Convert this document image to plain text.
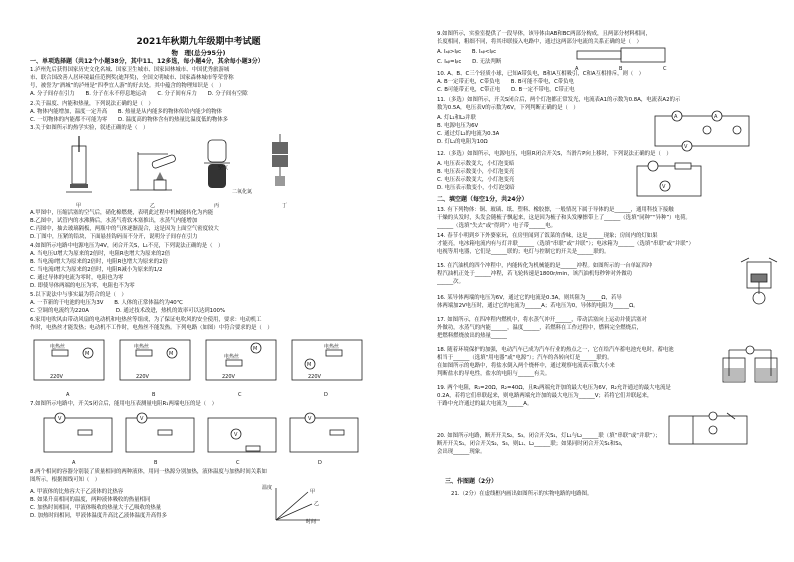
2021年秋期九年级期中考试题
物　理(总分95分)
一、单项选择题（共12个小题38分，其中11、12多选，每小题4分，其余每小题3分）
1.泸州先后获得国家历史文化名城、国家卫生城市、国家园林城市、中国优秀旅游城
市、联合国改善人居环境最佳范例奖(迪拜奖)，全国文明城市、国家森林城市等荣誉称
号，被誉为“酒城”的泸州是“四季宜人游”的好去处。其中蕴含的物理知识是（　）
A. 分子间存在引力　　B. 分子在永不停息地运动　　C. 分子间有斥力　　D. 分子间有空隙
2.关于温度、内能和热量，下列说法正确的是（　）
A. 物体内能增加，温度一定升高　　B. 热量是从内能多的物体传给内能少的物体
C. 一切物体的内能都不可能为零　　D. 温度高的物体含有的热量比温度低的物体多
3.关于如图所示的热学实验，叙述正确的是（　）
空气
二氧化氮
甲	乙	丙	丁
A.甲图中，压缩活塞的空气后，硝化棉燃烧，表明此过程中机械能转化为内能
B.乙图中，试管内的水沸腾后，水蒸气将软木塞推出，水蒸气内能增加
C.丙图中，抽去玻璃隔板，两瓶中的气体逐渐混合，这是因为上面空气密度较大
D.丁图中，压紧的铅块，下面悬挂钩码而不分开，说明分子间存在引力
4.如图所示电路中电源电压为4V，闭合开关S，L₁不亮，下列说法正确的是（　）
A. 当电压U增大为原来的2倍时，电阻R也增大为原来的2倍
B. 当电流I增大为原来的2倍时，电阻R也增大为原来的2倍
C. 当电流I增大为原来的2倍时，电阻R减小为原来的1/2
C. 通过导体的电流为零时，电阻也为零
D. 即使导体两端的电压为零，电阻也不为零
5.以下说法中与事实最为符合的是（　）
A. 一节新的干电池的电压为3V　　B. 人体的正常体温约为40℃
C. 空调的电流约为220A　　　　　D. 通过技术改进，热机的效率可以达到100%
6.家用电吹风由带动风扇的电动机和电热丝等组成，为了保证电吹风的安全使用，要求：电动机工
作时，电热丝才能发热；电动机不工作时，电热丝不能发热。下列电路（如图）中符合要求的是（　）
M	M
M
M
电热丝	电热丝
电热丝
电热丝
220V	220V	220V	220V
A	B	C	D
7.如图所示电路中，开关S闭合后，能用电压表测量电阻R₁两端电压的是（　）
V	V
V
V
A	B	C	D
8.两个相同的容器分别装了质量相同的两种液体，用同一热源分别加热，液体温度与加热时间关系如
图所示，根据图线可知（　）
A. 甲液体的比热容大于乙液体的比热容
B. 如果升高相同的温度，两种液体吸收的热量相同
C. 加热时间相同，甲液体吸收的热量大于乙吸收的热量
D. 加热时间相同，甲液体温度升高比乙液体温度升高得多
温度
时间
甲
乙
9.如图所示，实验室提供了一段导体，该导体由AB和BC两部分构成，且两部分材料相同，
长度相同，粗细不同，将其串联接入电路中，通过这两部分电流的关系正确的是（　）
A. Iₐᵦ>Iᵦc　　B. Iₐᵦ<Iᵦc
C. Iₐᵦ=Iᵦc　　D. 无法判断
A	B	C
10. A、B、C三个轻质小球，已知A带负电，B和A互相吸引，C和A互相排斥，则（　）
A. B一定带正电，C带负电　　B. B可能不带电，C带负电
C. B可能带正电，C带正电　　D. B一定不带电，C带正电
11.（多选）如图所示，开关S闭合后，两个灯泡都正常发光，电流表A1的示数为0.8A，电流表A2的示
数为0.5A，电压表V的示数为6V，下列判断正确的是（　）
A. 灯L₁和L₂并联
B. 电源电压为6V
C. 通过灯L₂的电流为0.3A
D. 灯L₁的电阻为10Ω
A	A
V
12.（多选）如图所示，电源电压，电阻R闭合开关S，当滑片P向上移时，下列说法正确的是（　）
A. 电压表示数变大，小灯泡变暗
B. 电压表示数变小，小灯泡变亮
C. 电压表示数变大，小灯泡变亮
D. 电压表示数变小，小灯泡变暗	V
二、填空题（每空1分，共24分）
13. 有下列物体：铜、玻璃、纸、塑料、橡胶擦，一般情况下属于导体的是______，通用科技下接触
干燥的头发时，头发会随梳子飘起来，这是因为梳子和头发摩擦带上了______（选填“同种”“异种”）电荷。
______（选填“失去”或“得到”）电子带______电。
14. 春节小明到乡下外婆家玩，在房里闻到了饭菜的香味，这是______现象；房间内的灯如果
才能亮，电冰箱电流内有与灯并联______（选填“串联”或“并联”）；电冰箱为______（选填“串联”或“并联”）
电视等用电器，它们是______联的；电灯与控制它的开关是______联的。
15. 在汽油机的四个冲程中，内能转化为机械能的是______冲程。如图所示的一台单缸四冲
程汽油机正处于______冲程，若飞轮转速是1800r/min，该汽油机每秒钟对外做功
______次。
16. 某导体两端的电压为6V，通过它的电流是0.3A，则其阻为______Ω，若导
体两端加2V电压时，通过它的电流为______A；若电压为0，导体的电阻为______Ω。
17. 如图所示，在四冲程内燃机中，将水蒸气冲开______，带动活塞向上运动并使活塞对
外做功，水蒸气的内能______，温度______，若燃料在工作过程中，燃料完全燃烧后，
把燃料燃烧放出的热量______
18. 随着环境保护的加强，电动汽车已成为汽车行业的热点之一，它在给汽车蓄电池充电时，蓄电池
相当于______（选填“用电器”或“电源”）；汽车的各转向灯是______联的。
在如图所示的电路中，将盐水倒入两个烧杯中，通过观察电流表示数大小来
判断盐水的导电性，盐水的电阻与______有关。
19. 两个电阻，R₁=20Ω，R₂=40Ω，且R₁两端允许加的最大电压为6V，R₂允许通过的最大电流是
0.2A，若将它们串联起来，则电路两端允许加的最大电压为______V；若将它们并联起来，
干路中允许通过的最大电流为______A。
20. 如图所示电路，断开开关S₂，S₃，闭合开关S₁，灯L₁与L₂______联（填“串联”或“并联”）；
断开开关S₁，闭合开关S₂，S₃，则L₁、L₂______联；如果同时闭合开关S₁和S₃，
会出现______现象。
三、作图题（2分）
21.（2分）在虚线框内画出如图所示的实物电路的电路图。
